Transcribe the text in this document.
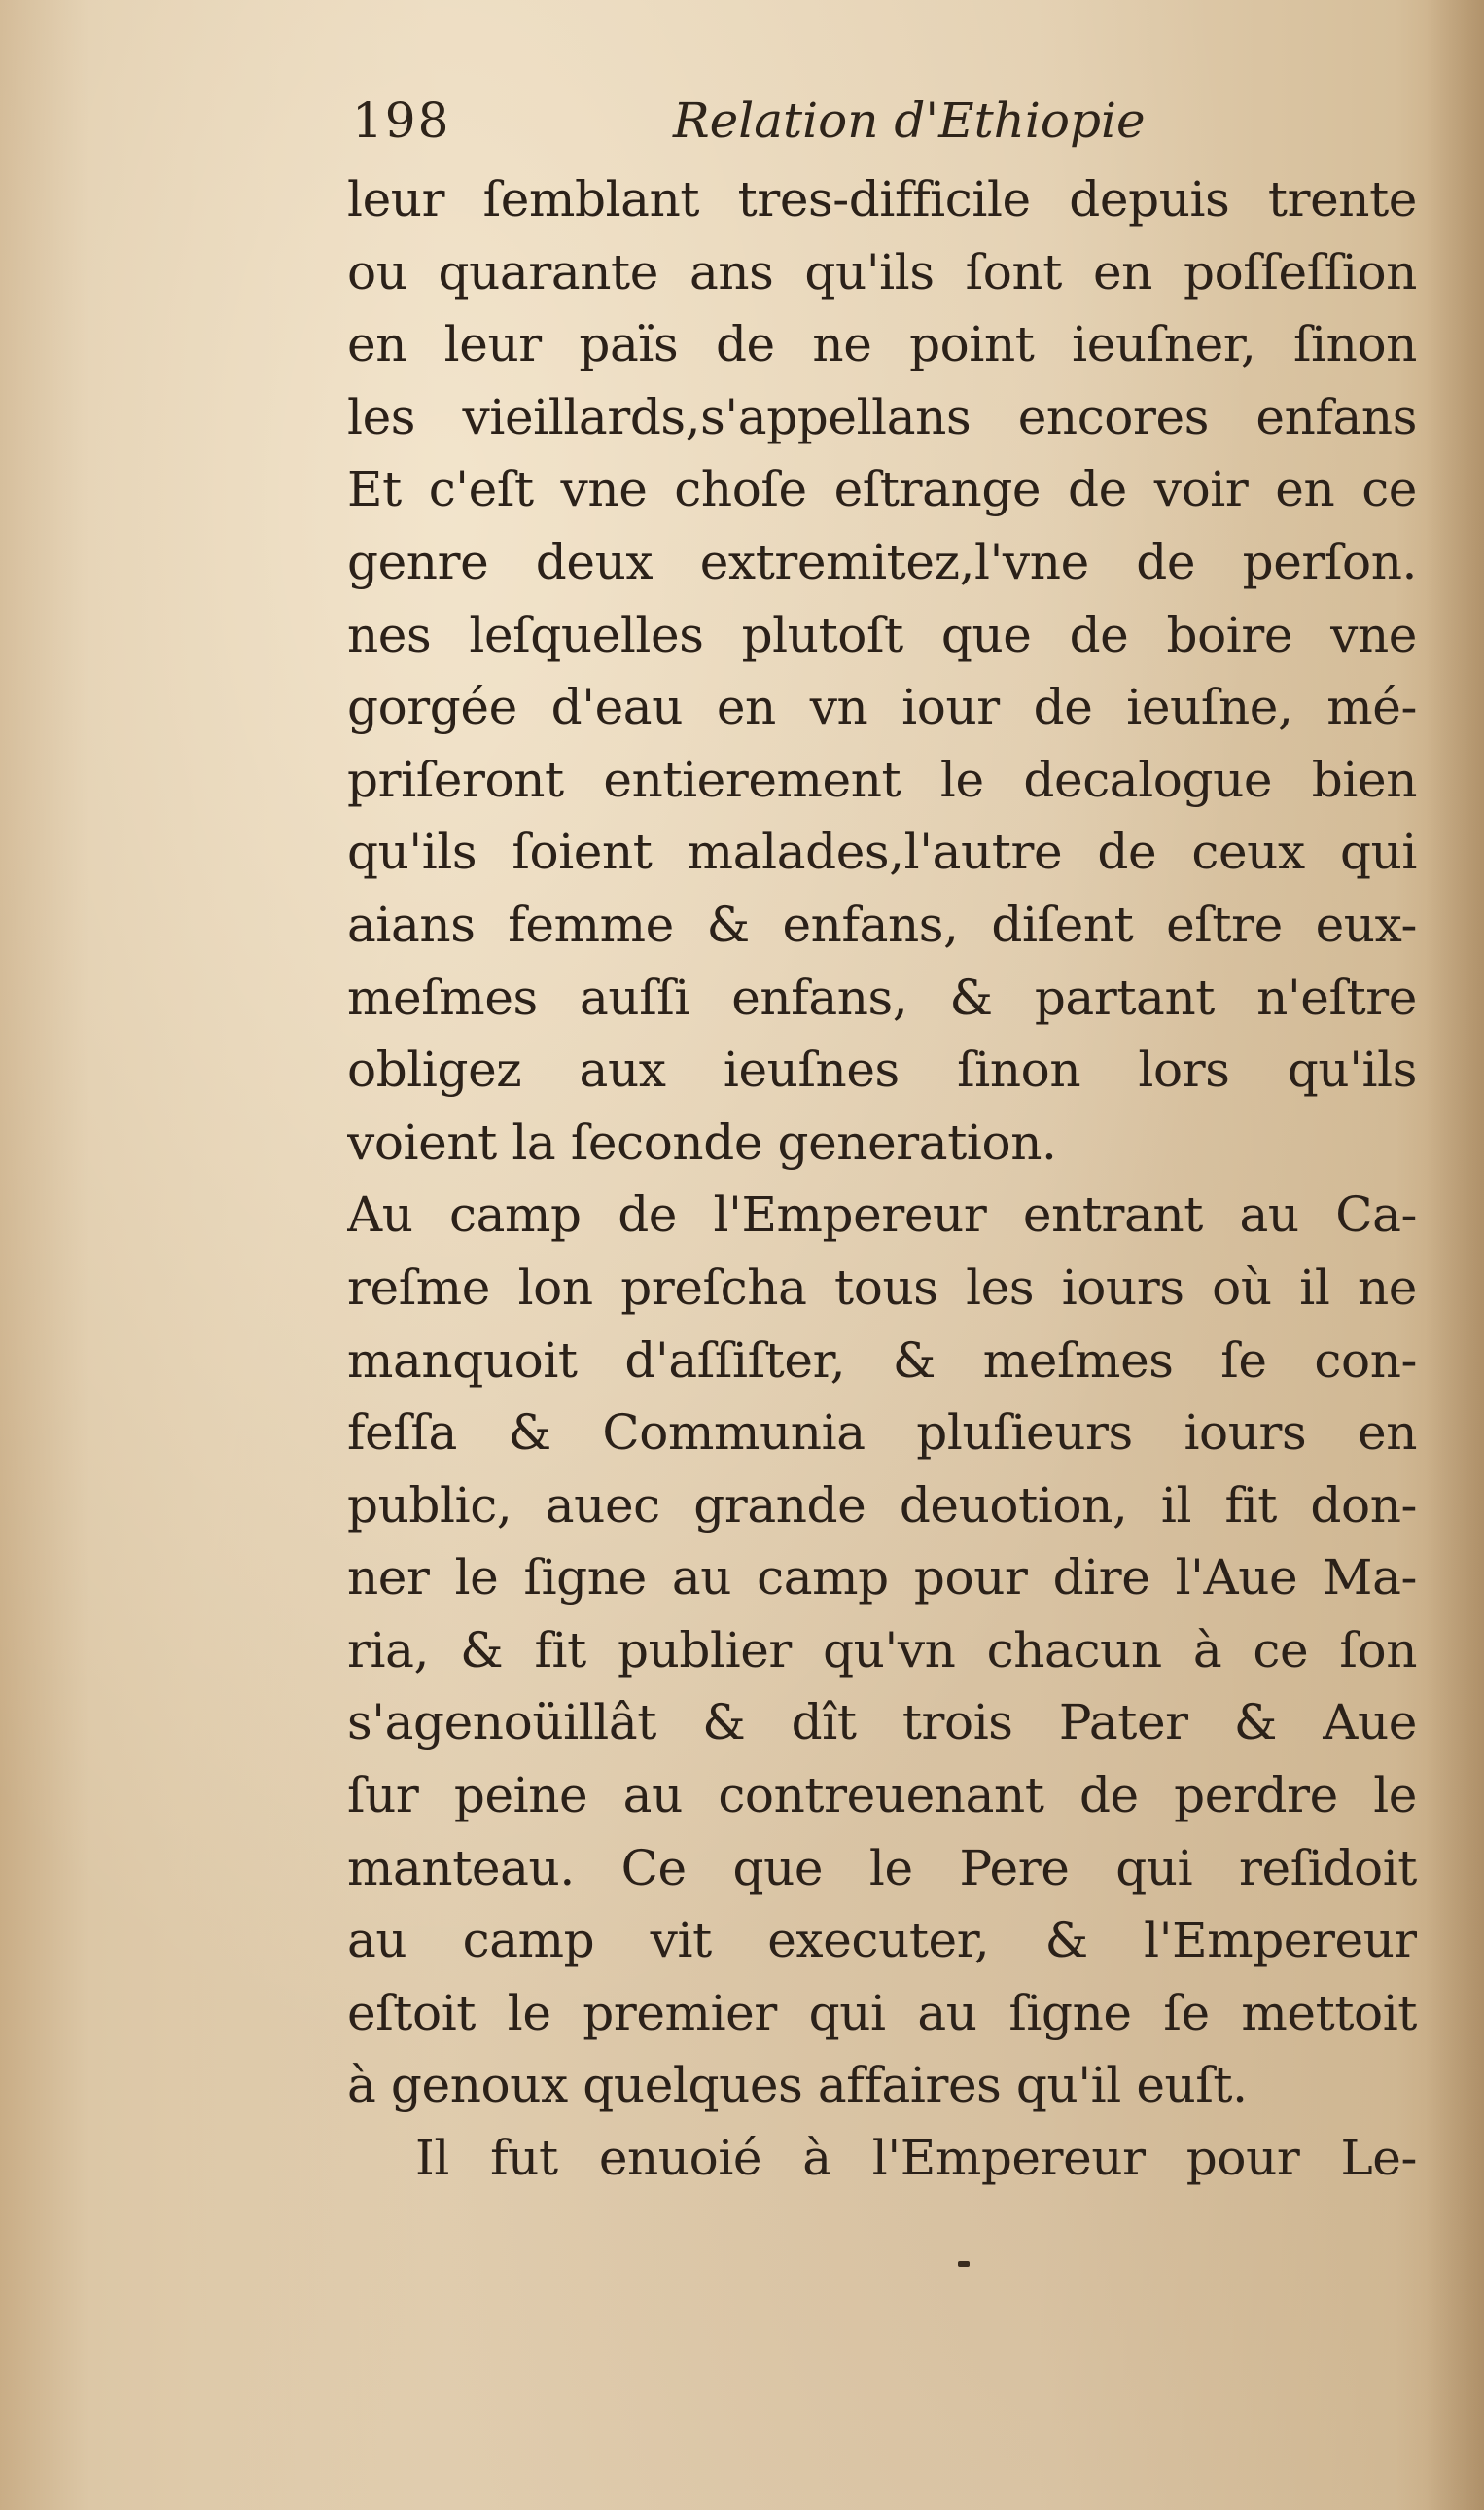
198	Relation d'Ethiopie
leur ſemblant tres-difficile depuis trente
ou quarante ans qu'ils ſont en poſſeſſion
en leur païs de ne point ieuſner, ſinon
les vieillards,s'appellans encores enfans
Et c'eſt vne choſe eſtrange de voir en ce
genre deux extremitez,l'vne de perſon.
nes leſquelles plutoſt que de boire vne
gorgée d'eau en vn iour de ieuſne, mé-
priſeront entierement le decalogue bien
qu'ils ſoient malades,l'autre de ceux qui
aians femme & enfans, diſent eſtre eux-
meſmes auſſi enfans, & partant n'eſtre
obligez aux ieuſnes ſinon lors qu'ils
voient la ſeconde generation.
Au camp de l'Empereur entrant au Ca-
reſme lon preſcha tous les iours où il ne
manquoit d'aſſiſter, & meſmes ſe con-
feſſa & Communia pluſieurs iours en
public, auec grande deuotion, il fit don-
ner le ſigne au camp pour dire l'Aue Ma-
ria, & fit publier qu'vn chacun à ce ſon
s'agenoüillât & dît trois Pater & Aue
ſur peine au contreuenant de perdre le
manteau. Ce que le Pere qui reſidoit
au camp vit executer, & l'Empereur
eſtoit le premier qui au ſigne ſe mettoit
à genoux quelques affaires qu'il euſt.
Il fut enuoié à l'Empereur pour Le-
